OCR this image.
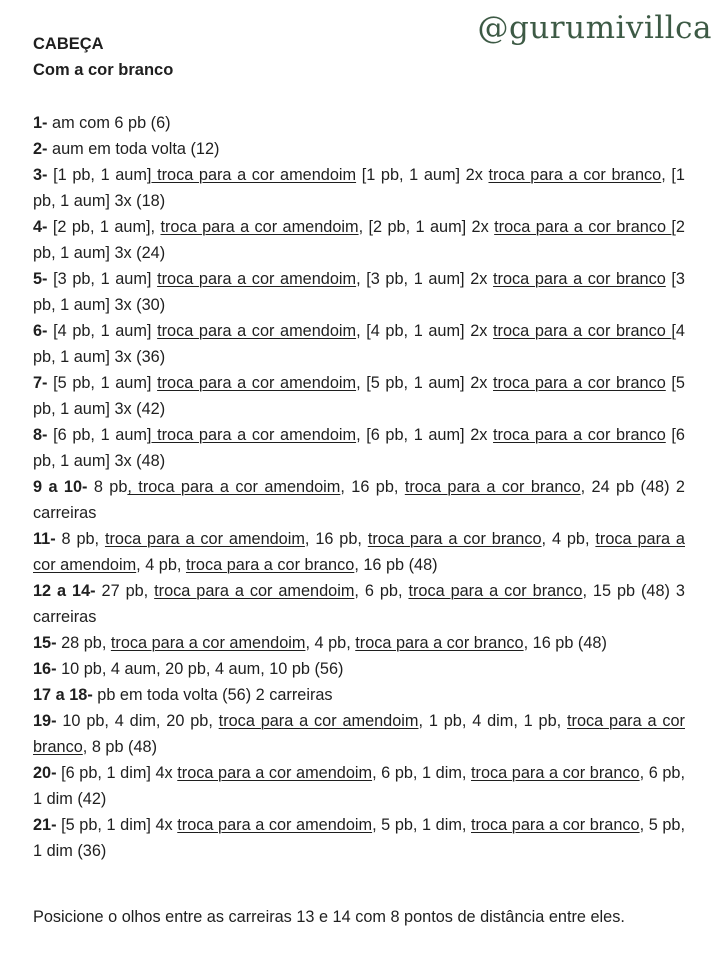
@gurumivillca
CABEÇA
Com a cor branco
1- am com 6 pb (6)
2- aum em toda volta (12)
3- [1 pb, 1 aum] troca para a cor amendoim [1 pb, 1 aum] 2x troca para a cor branco, [1 pb, 1 aum] 3x (18)
4- [2 pb, 1 aum], troca para a cor amendoim, [2 pb, 1 aum] 2x troca para a cor branco [2 pb, 1 aum] 3x (24)
5- [3 pb, 1 aum] troca para a cor amendoim, [3 pb, 1 aum] 2x troca para a cor branco [3 pb, 1 aum] 3x (30)
6- [4 pb, 1 aum] troca para a cor amendoim, [4 pb, 1 aum] 2x troca para a cor branco [4 pb, 1 aum] 3x (36)
7- [5 pb, 1 aum] troca para a cor amendoim, [5 pb, 1 aum] 2x troca para a cor branco [5 pb, 1 aum] 3x (42)
8- [6 pb, 1 aum] troca para a cor amendoim, [6 pb, 1 aum] 2x troca para a cor branco [6 pb, 1 aum] 3x (48)
9 a 10- 8 pb, troca para a cor amendoim, 16 pb, troca para a cor branco, 24 pb (48) 2 carreiras
11- 8 pb, troca para a cor amendoim, 16 pb, troca para a cor branco, 4 pb, troca para a cor amendoim, 4 pb, troca para a cor branco, 16 pb (48)
12 a 14- 27 pb, troca para a cor amendoim, 6 pb, troca para a cor branco, 15 pb (48) 3 carreiras
15- 28 pb, troca para a cor amendoim, 4 pb, troca para a cor branco, 16 pb (48)
16- 10 pb, 4 aum, 20 pb, 4 aum, 10 pb (56)
17 a 18- pb em toda volta (56) 2 carreiras
19- 10 pb, 4 dim, 20 pb, troca para a cor amendoim, 1 pb, 4 dim, 1 pb, troca para a cor branco, 8 pb (48)
20- [6 pb, 1 dim] 4x troca para a cor amendoim, 6 pb, 1 dim, troca para a cor branco, 6 pb, 1 dim (42)
21- [5 pb, 1 dim] 4x troca para a cor amendoim, 5 pb, 1 dim, troca para a cor branco, 5 pb, 1 dim (36)
Posicione o olhos entre as carreiras 13 e 14 com 8 pontos de distância entre eles.
